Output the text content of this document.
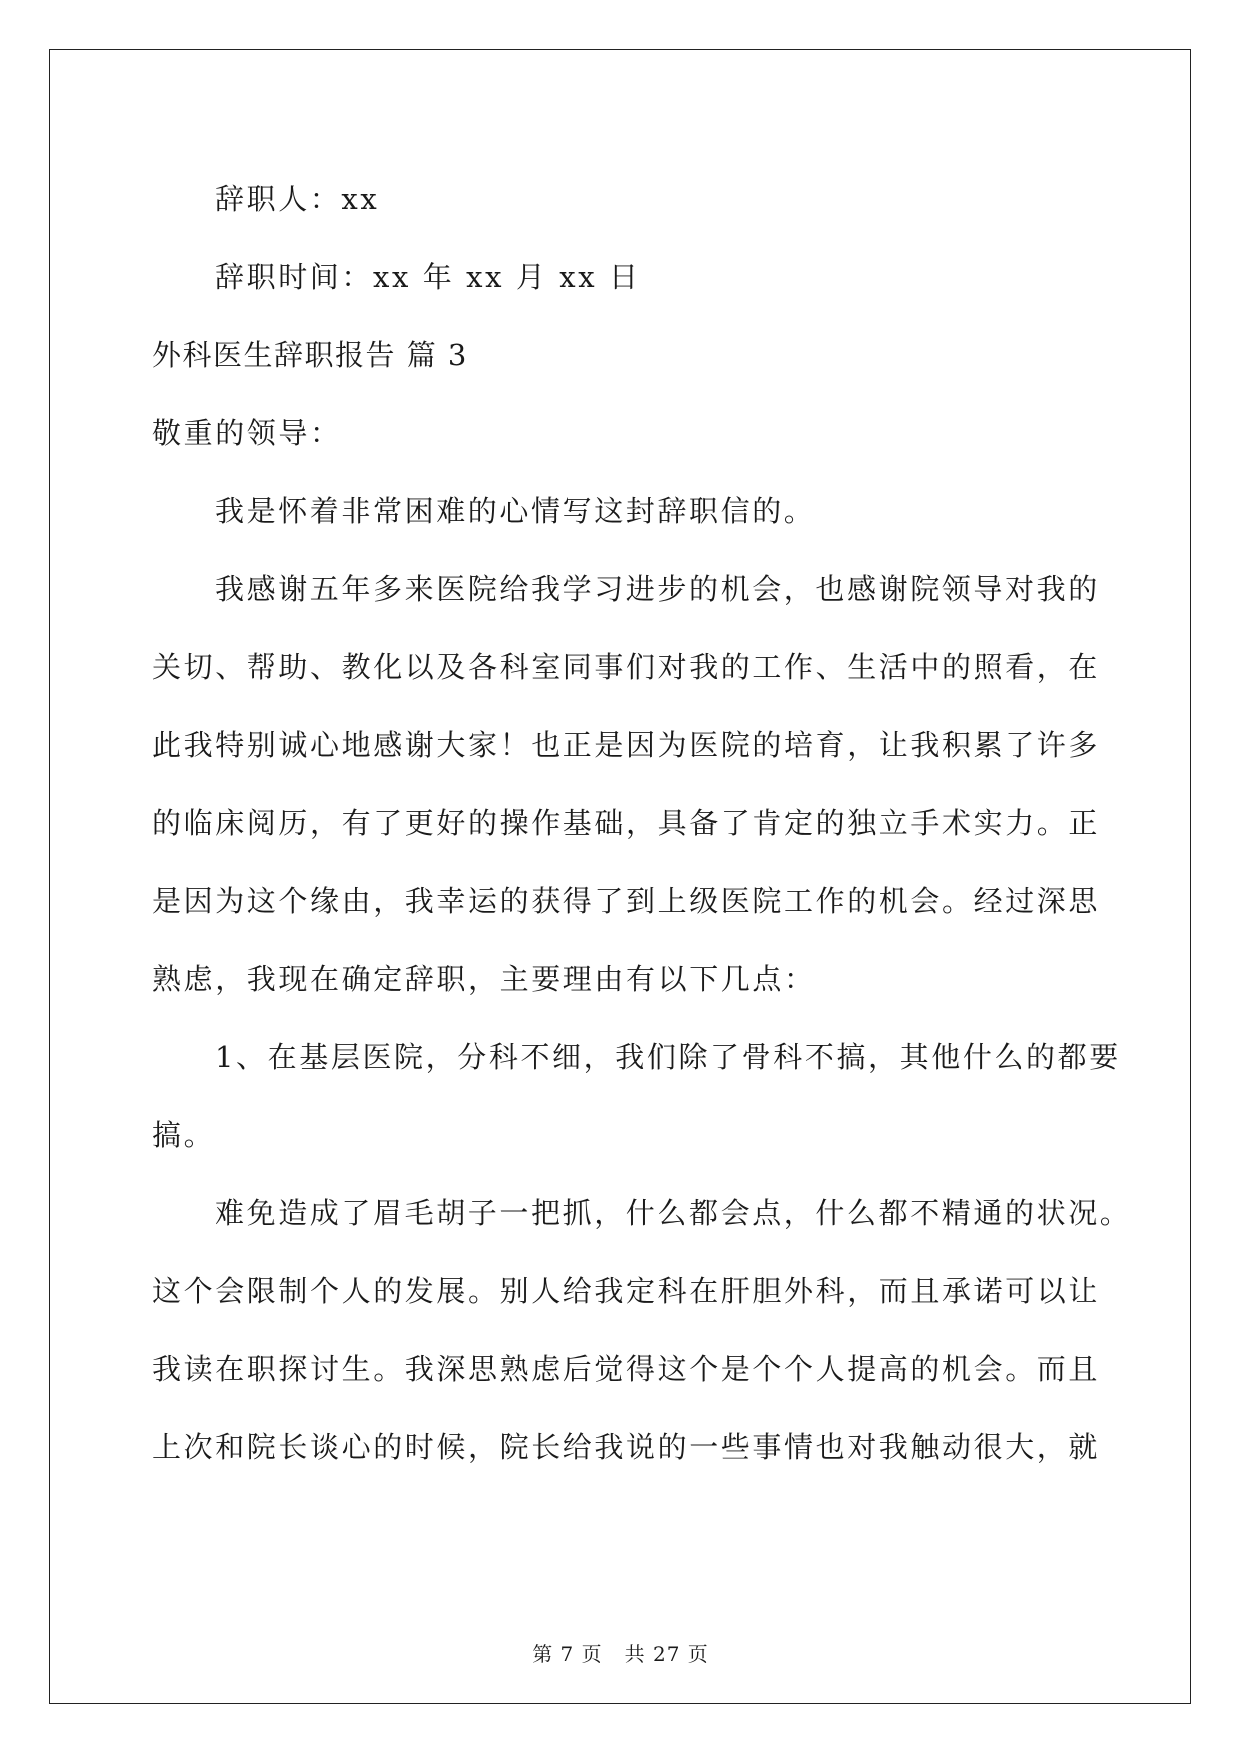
辞职人：xx
辞职时间：xx 年 xx 月 xx 日
外科医生辞职报告 篇 3
敬重的领导：
我是怀着非常困难的心情写这封辞职信的。
我感谢五年多来医院给我学习进步的机会，也感谢院领导对我的
关切、帮助、教化以及各科室同事们对我的工作、生活中的照看，在
此我特别诚心地感谢大家！也正是因为医院的培育，让我积累了许多
的临床阅历，有了更好的操作基础，具备了肯定的独立手术实力。正
是因为这个缘由，我幸运的获得了到上级医院工作的机会。经过深思
熟虑，我现在确定辞职，主要理由有以下几点：
1、在基层医院，分科不细，我们除了骨科不搞，其他什么的都要
搞。
难免造成了眉毛胡子一把抓，什么都会点，什么都不精通的状况。
这个会限制个人的发展。别人给我定科在肝胆外科，而且承诺可以让
我读在职探讨生。我深思熟虑后觉得这个是个个人提高的机会。而且
上次和院长谈心的时候，院长给我说的一些事情也对我触动很大，就
第 7 页 共 27 页
